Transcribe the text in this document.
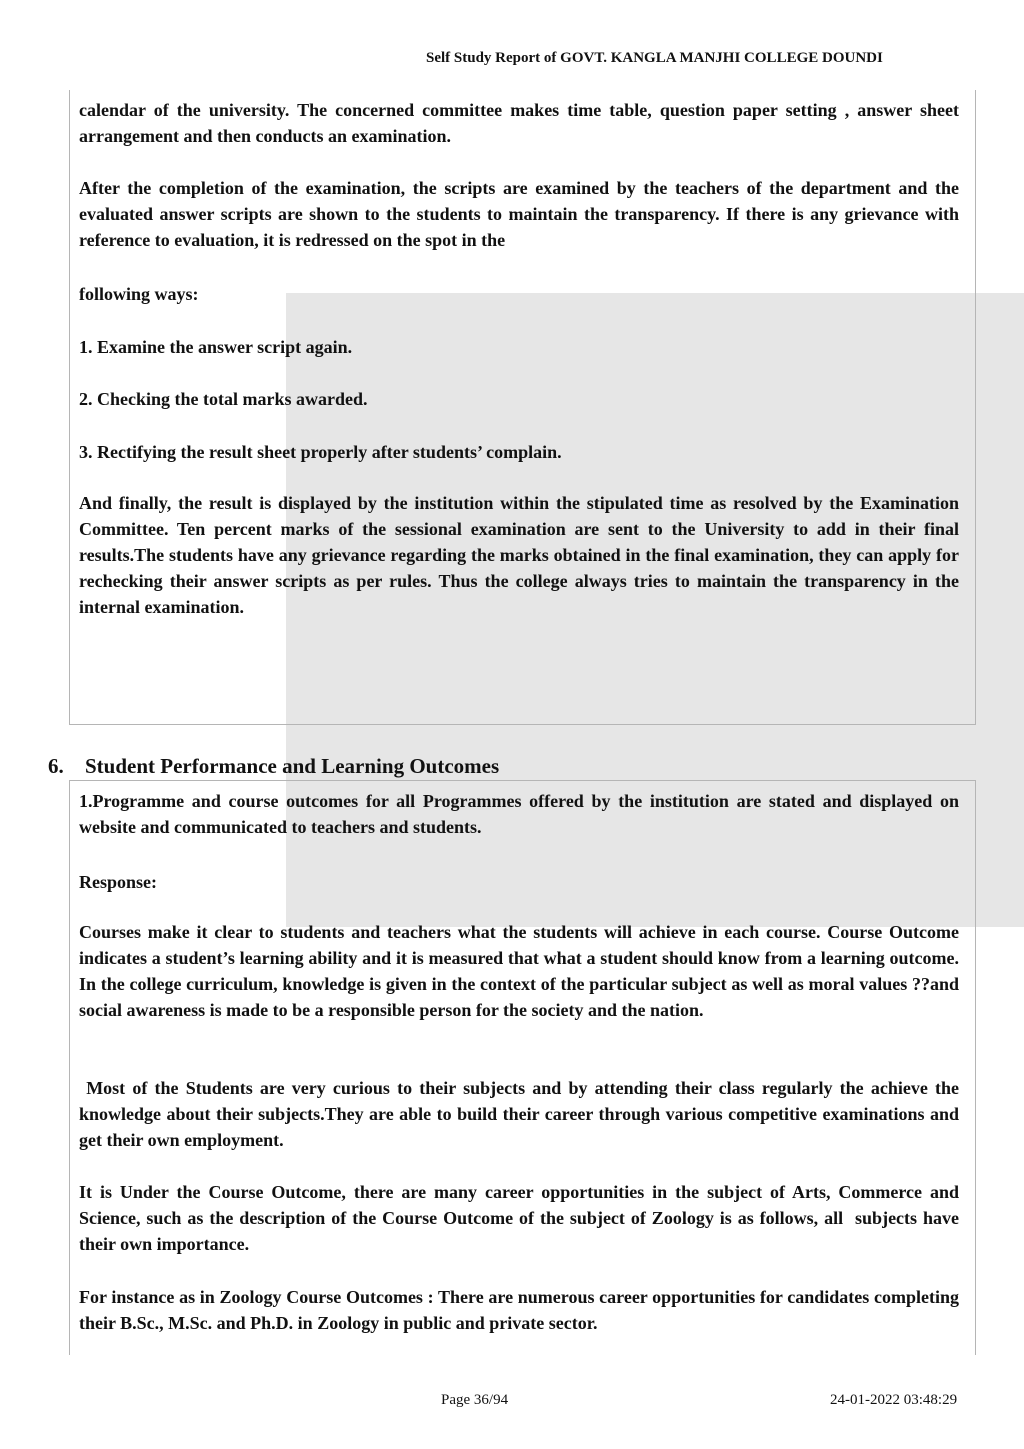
Self Study Report of GOVT. KANGLA MANJHI COLLEGE DOUNDI

calendar of the university. The concerned committee makes time table, question paper setting , answer sheet arrangement and then conducts an examination.

After the completion of the examination, the scripts are examined by the teachers of the department and the evaluated answer scripts are shown to the students to maintain the transparency. If there is any grievance with reference to evaluation, it is redressed on the spot in the

following ways:

1. Examine the answer script again.

2. Checking the total marks awarded.

3. Rectifying the result sheet properly after students’ complain.

And finally, the result is displayed by the institution within the stipulated time as resolved by the Examination Committee. Ten percent marks of the sessional examination are sent to the University to add in their final results.The students have any grievance regarding the marks obtained in the final examination, they can apply for rechecking their answer scripts as per rules. Thus the college always tries to maintain the transparency in the internal examination.

6. Student Performance and Learning Outcomes

1.Programme and course outcomes for all Programmes offered by the institution are stated and displayed on website and communicated to teachers and students.

Response:

Courses make it clear to students and teachers what the students will achieve in each course. Course Outcome indicates a student’s learning ability and it is measured that what a student should know from a learning outcome. In the college curriculum, knowledge is given in the context of the particular subject as well as moral values ??and social awareness is made to be a responsible person for the society and the nation.

Most of the Students are very curious to their subjects and by attending their class regularly the achieve the knowledge about their subjects.They are able to build their career through various competitive examinations and get their own employment.

It is Under the Course Outcome, there are many career opportunities in the subject of Arts, Commerce and Science, such as the description of the Course Outcome of the subject of Zoology is as follows, all  subjects have their own importance.

For instance as in Zoology Course Outcomes : There are numerous career opportunities for candidates completing their B.Sc., M.Sc. and Ph.D. in Zoology in public and private sector.

Page 36/94	24-01-2022 03:48:29
